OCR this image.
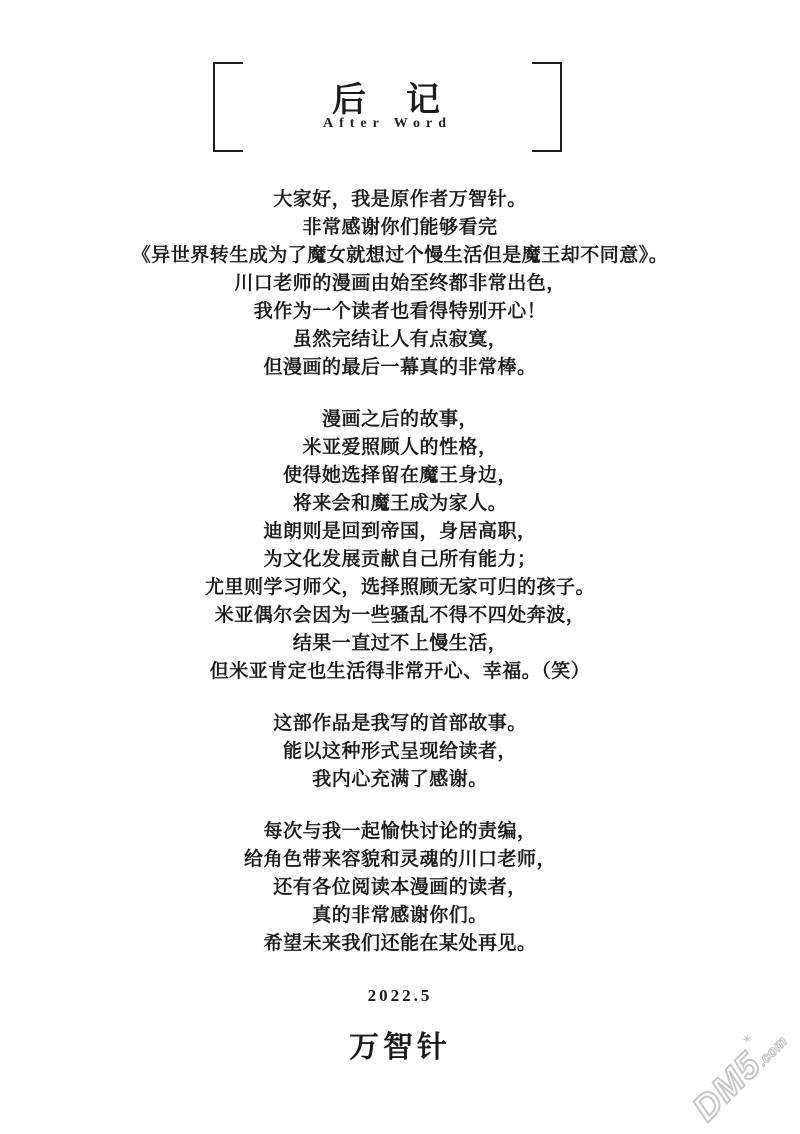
后　记
After Word
大家好，我是原作者万智针。
非常感谢你们能够看完
《异世界转生成为了魔女就想过个慢生活但是魔王却不同意》。
川口老师的漫画由始至终都非常出色，
我作为一个读者也看得特别开心！
虽然完结让人有点寂寞，
但漫画的最后一幕真的非常棒。
漫画之后的故事，
米亚爱照顾人的性格，
使得她选择留在魔王身边，
将来会和魔王成为家人。
迪朗则是回到帝国，身居高职，
为文化发展贡献自己所有能力；
尤里则学习师父，选择照顾无家可归的孩子。
米亚偶尔会因为一些骚乱不得不四处奔波，
结果一直过不上慢生活，
但米亚肯定也生活得非常开心、幸福。（笑）
这部作品是我写的首部故事。
能以这种形式呈现给读者，
我内心充满了感谢。
每次与我一起愉快讨论的责编，
给角色带来容貌和灵魂的川口老师，
还有各位阅读本漫画的读者，
真的非常感谢你们。
希望未来我们还能在某处再见。
2022.5
万智针	DM5
.com
✶
